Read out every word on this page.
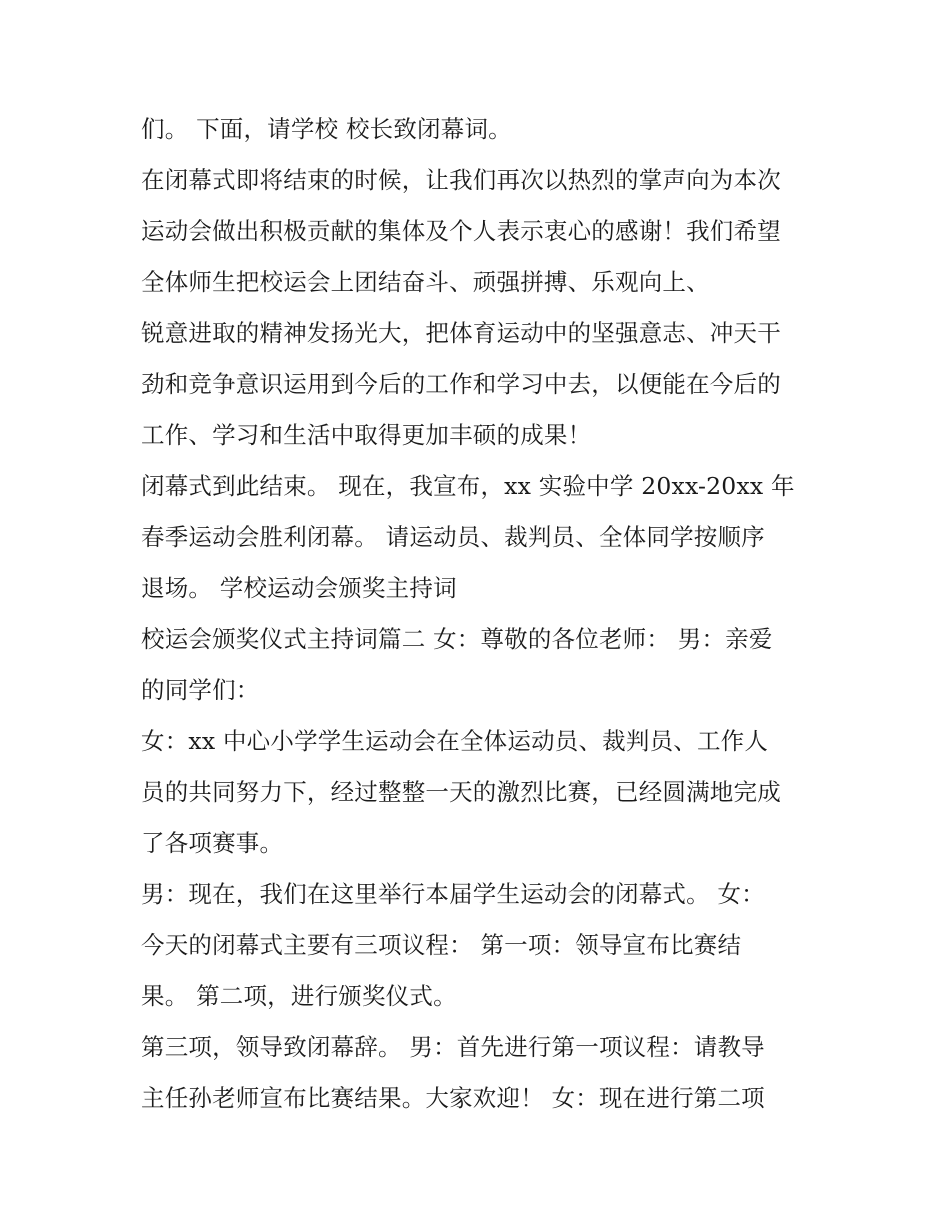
们。 下面，请学校 校长致闭幕词。
在闭幕式即将结束的时候，让我们再次以热烈的掌声向为本次
运动会做出积极贡献的集体及个人表示衷心的感谢！我们希望
全体师生把校运会上团结奋斗、顽强拼搏、乐观向上、
锐意进取的精神发扬光大，把体育运动中的坚强意志、冲天干
劲和竞争意识运用到今后的工作和学习中去，以便能在今后的
工作、学习和生活中取得更加丰硕的成果！
闭幕式到此结束。 现在，我宣布，xx 实验中学 20xx-20xx 年
春季运动会胜利闭幕。 请运动员、裁判员、全体同学按顺序
退场。 学校运动会颁奖主持词
校运会颁奖仪式主持词篇二 女：尊敬的各位老师： 男：亲爱
的同学们：
女：xx 中心小学学生运动会在全体运动员、裁判员、工作人
员的共同努力下，经过整整一天的激烈比赛，已经圆满地完成
了各项赛事。
男：现在，我们在这里举行本届学生运动会的闭幕式。 女：
今天的闭幕式主要有三项议程： 第一项：领导宣布比赛结
果。 第二项，进行颁奖仪式。
第三项，领导致闭幕辞。 男：首先进行第一项议程：请教导
主任孙老师宣布比赛结果。大家欢迎！ 女：现在进行第二项
